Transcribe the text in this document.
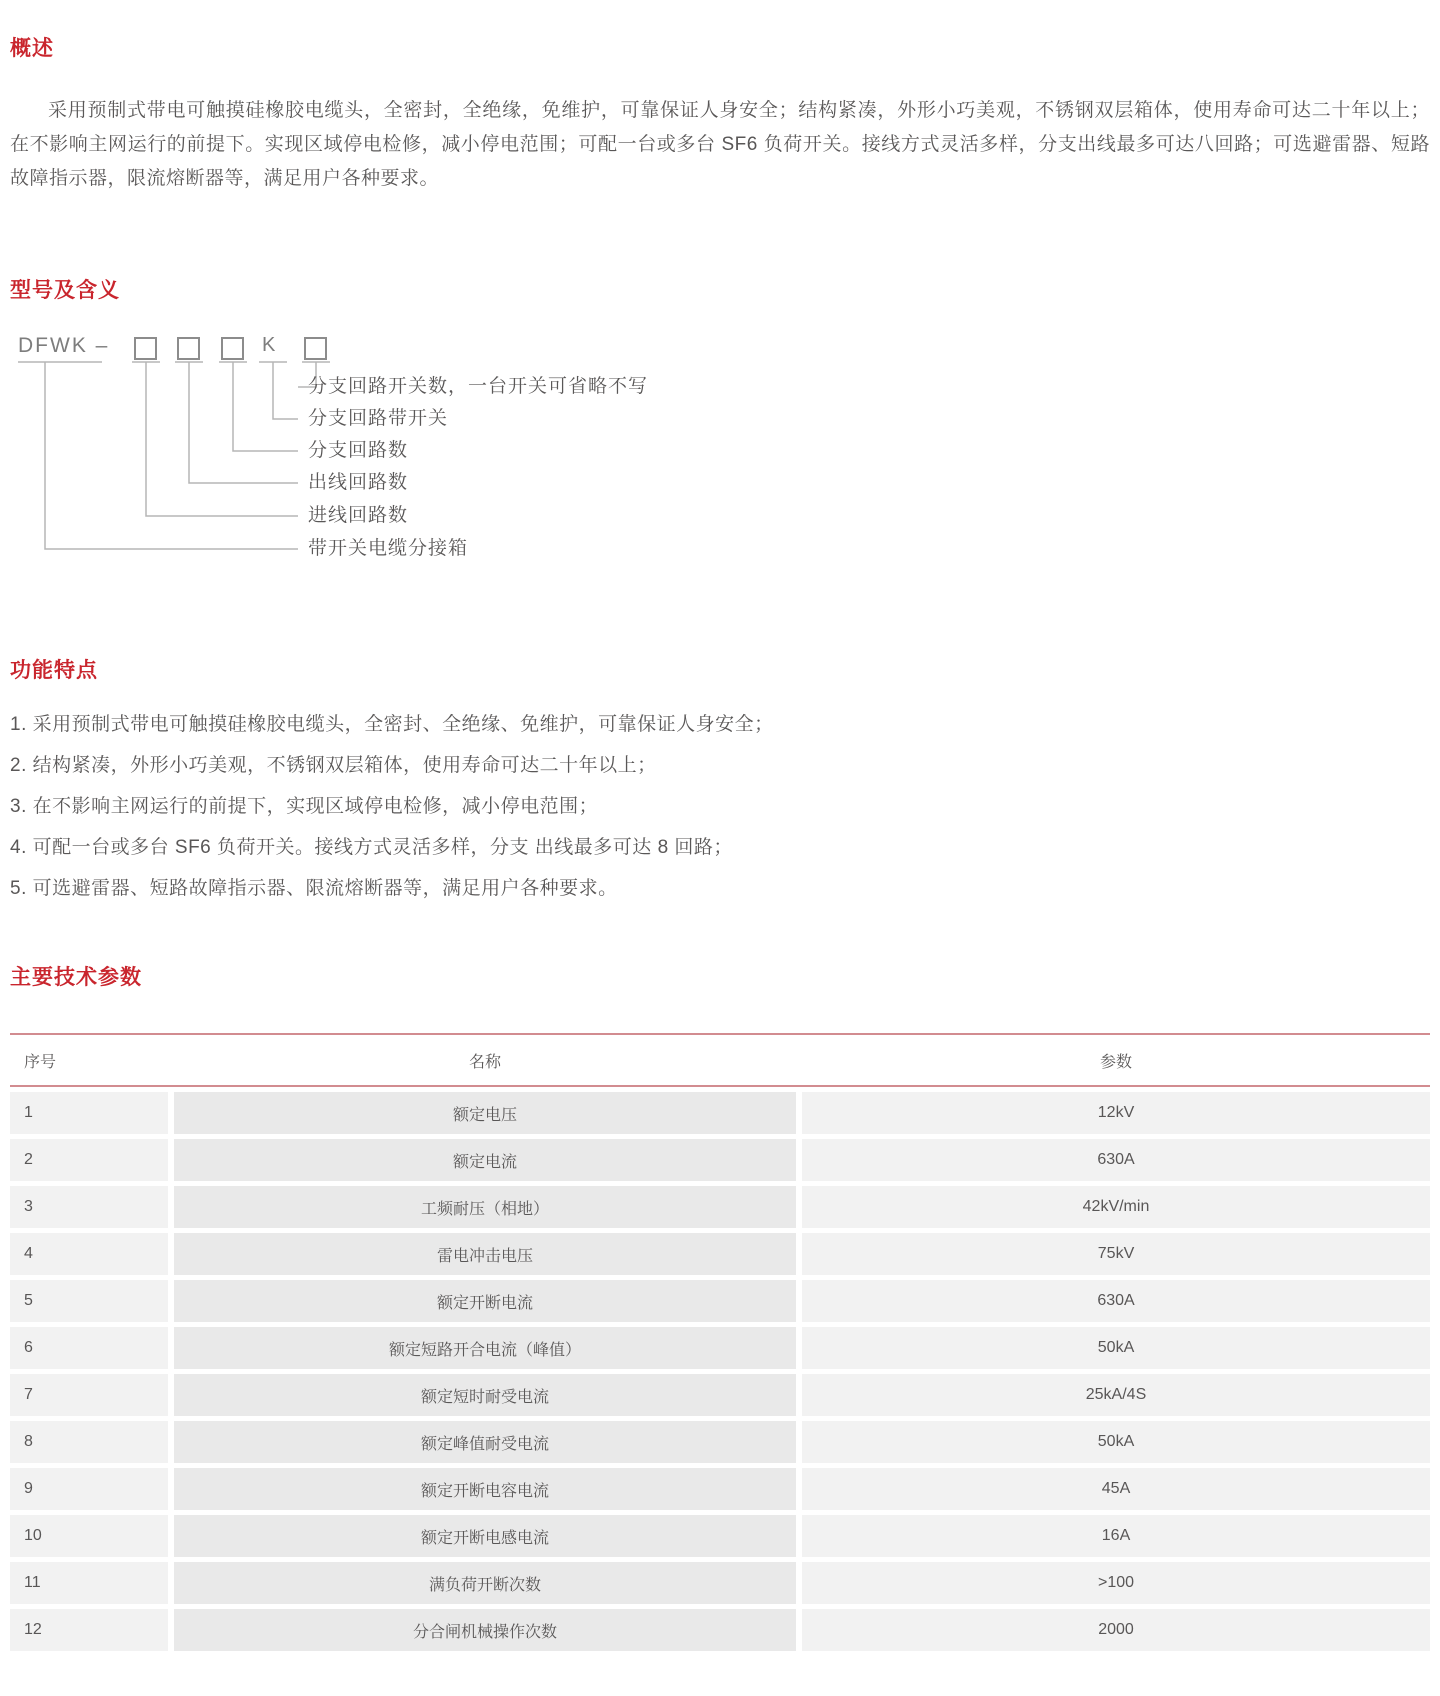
概述

采用预制式带电可触摸硅橡胶电缆头，全密封，全绝缘，免维护，可靠保证人身安全；结构紧凑，外形小巧美观，不锈钢双层箱体，使用寿命可达二十年以上；在不影响主网运行的前提下。实现区域停电检修，减小停电范围；可配一台或多台 SF6 负荷开关。接线方式灵活多样，分支出线最多可达八回路；可选避雷器、短路故障指示器，限流熔断器等，满足用户各种要求。

型号及含义
DFWK –	K
分支回路开关数，一台开关可省略不写
分支回路带开关
分支回路数
出线回路数
进线回路数
带开关电缆分接箱
功能特点
1. 采用预制式带电可触摸硅橡胶电缆头，全密封、全绝缘、免维护，可靠保证人身安全；
2. 结构紧凑，外形小巧美观，不锈钢双层箱体，使用寿命可达二十年以上；
3. 在不影响主网运行的前提下，实现区域停电检修，减小停电范围；
4. 可配一台或多台 SF6 负荷开关。接线方式灵活多样，分支 出线最多可达 8 回路；
5. 可选避雷器、短路故障指示器、限流熔断器等，满足用户各种要求。
主要技术参数
序号	名称	参数
1	额定电压	12kV
2	额定电流	630A
3	工频耐压（相地）	42kV/min
4	雷电冲击电压	75kV
5	额定开断电流	630A
6	额定短路开合电流（峰值）	50kA
7	额定短时耐受电流	25kA/4S
8	额定峰值耐受电流	50kA
9	额定开断电容电流	45A
10	额定开断电感电流	16A
11	满负荷开断次数	>100
12	分合闸机械操作次数	2000
